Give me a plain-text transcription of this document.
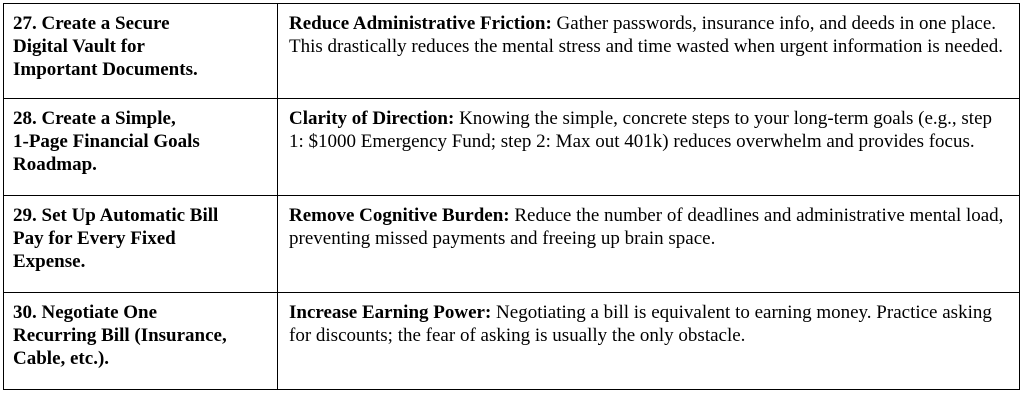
27. Create a Secure
Digital Vault for
Important Documents.	Reduce Administrative Friction: Gather passwords, insurance info, and deeds in one place. This drastically reduces the mental stress and time wasted when urgent information is needed.

28. Create a Simple,
1-Page Financial Goals
Roadmap.	Clarity of Direction: Knowing the simple, concrete steps to your long-term goals (e.g., step 1: $1000 Emergency Fund; step 2: Max out 401k) reduces overwhelm and provides focus.

29. Set Up Automatic Bill
Pay for Every Fixed
Expense.	Remove Cognitive Burden: Reduce the number of deadlines and administrative mental load, preventing missed payments and freeing up brain space.

30. Negotiate One
Recurring Bill (Insurance,
Cable, etc.).	Increase Earning Power: Negotiating a bill is equivalent to earning money. Practice asking for discounts; the fear of asking is usually the only obstacle.
